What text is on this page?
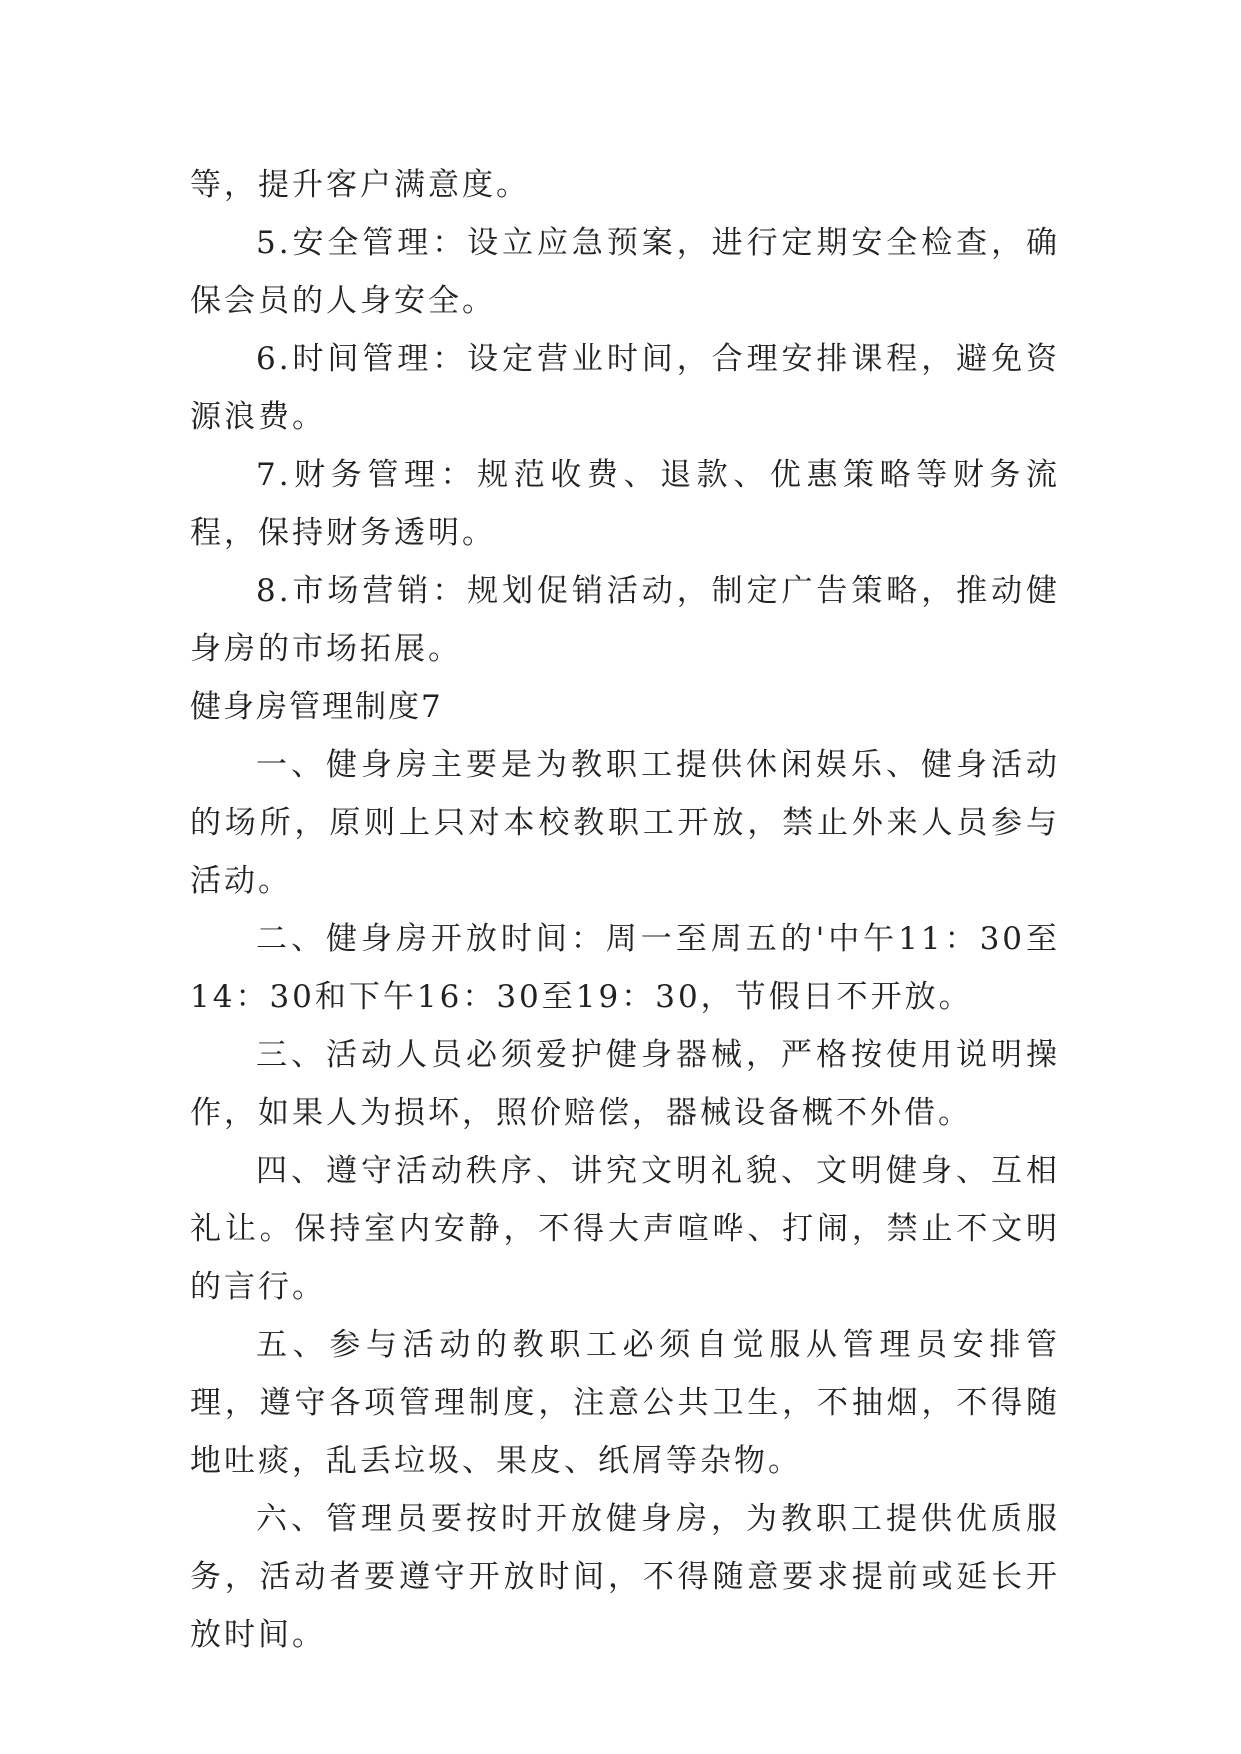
等，提升客户满意度。

5.安全管理：设立应急预案，进行定期安全检查，确保会员的人身安全。

6.时间管理：设定营业时间，合理安排课程，避免资源浪费。

7.财务管理：规范收费、退款、优惠策略等财务流程，保持财务透明。

8.市场营销：规划促销活动，制定广告策略，推动健身房的市场拓展。

健身房管理制度7

一、健身房主要是为教职工提供休闲娱乐、健身活动的场所，原则上只对本校教职工开放，禁止外来人员参与活动。

二、健身房开放时间：周一至周五的'中午11：30至14：30和下午16：30至19：30，节假日不开放。

三、活动人员必须爱护健身器械，严格按使用说明操作，如果人为损坏，照价赔偿，器械设备概不外借。

四、遵守活动秩序、讲究文明礼貌、文明健身、互相礼让。保持室内安静，不得大声喧哗、打闹，禁止不文明的言行。

五、参与活动的教职工必须自觉服从管理员安排管理，遵守各项管理制度，注意公共卫生，不抽烟，不得随地吐痰，乱丢垃圾、果皮、纸屑等杂物。

六、管理员要按时开放健身房，为教职工提供优质服务，活动者要遵守开放时间，不得随意要求提前或延长开放时间。
